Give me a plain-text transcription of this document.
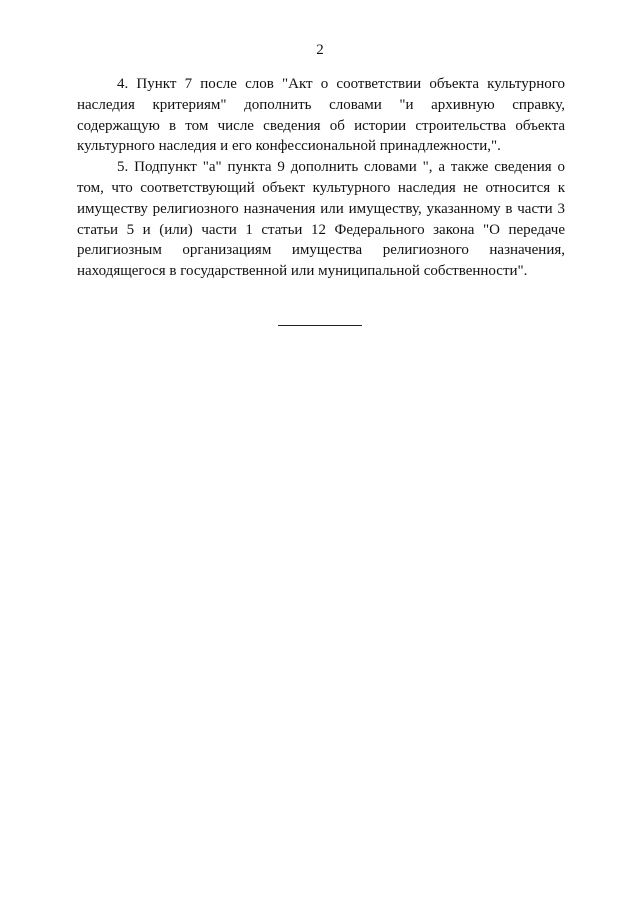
2

4. Пункт 7 после слов "Акт о соответствии объекта культурного наследия критериям" дополнить словами "и архивную справку, содержащую в том числе сведения об истории строительства объекта культурного наследия и его конфессиональной принадлежности,".

5. Подпункт "а" пункта 9 дополнить словами ", а также сведения о том, что соответствующий объект культурного наследия не относится к имуществу религиозного назначения или имуществу, указанному в части 3 статьи 5 и (или) части 1 статьи 12 Федерального закона "О передаче религиозным организациям имущества религиозного назначения, находящегося в государственной или муниципальной собственности".
